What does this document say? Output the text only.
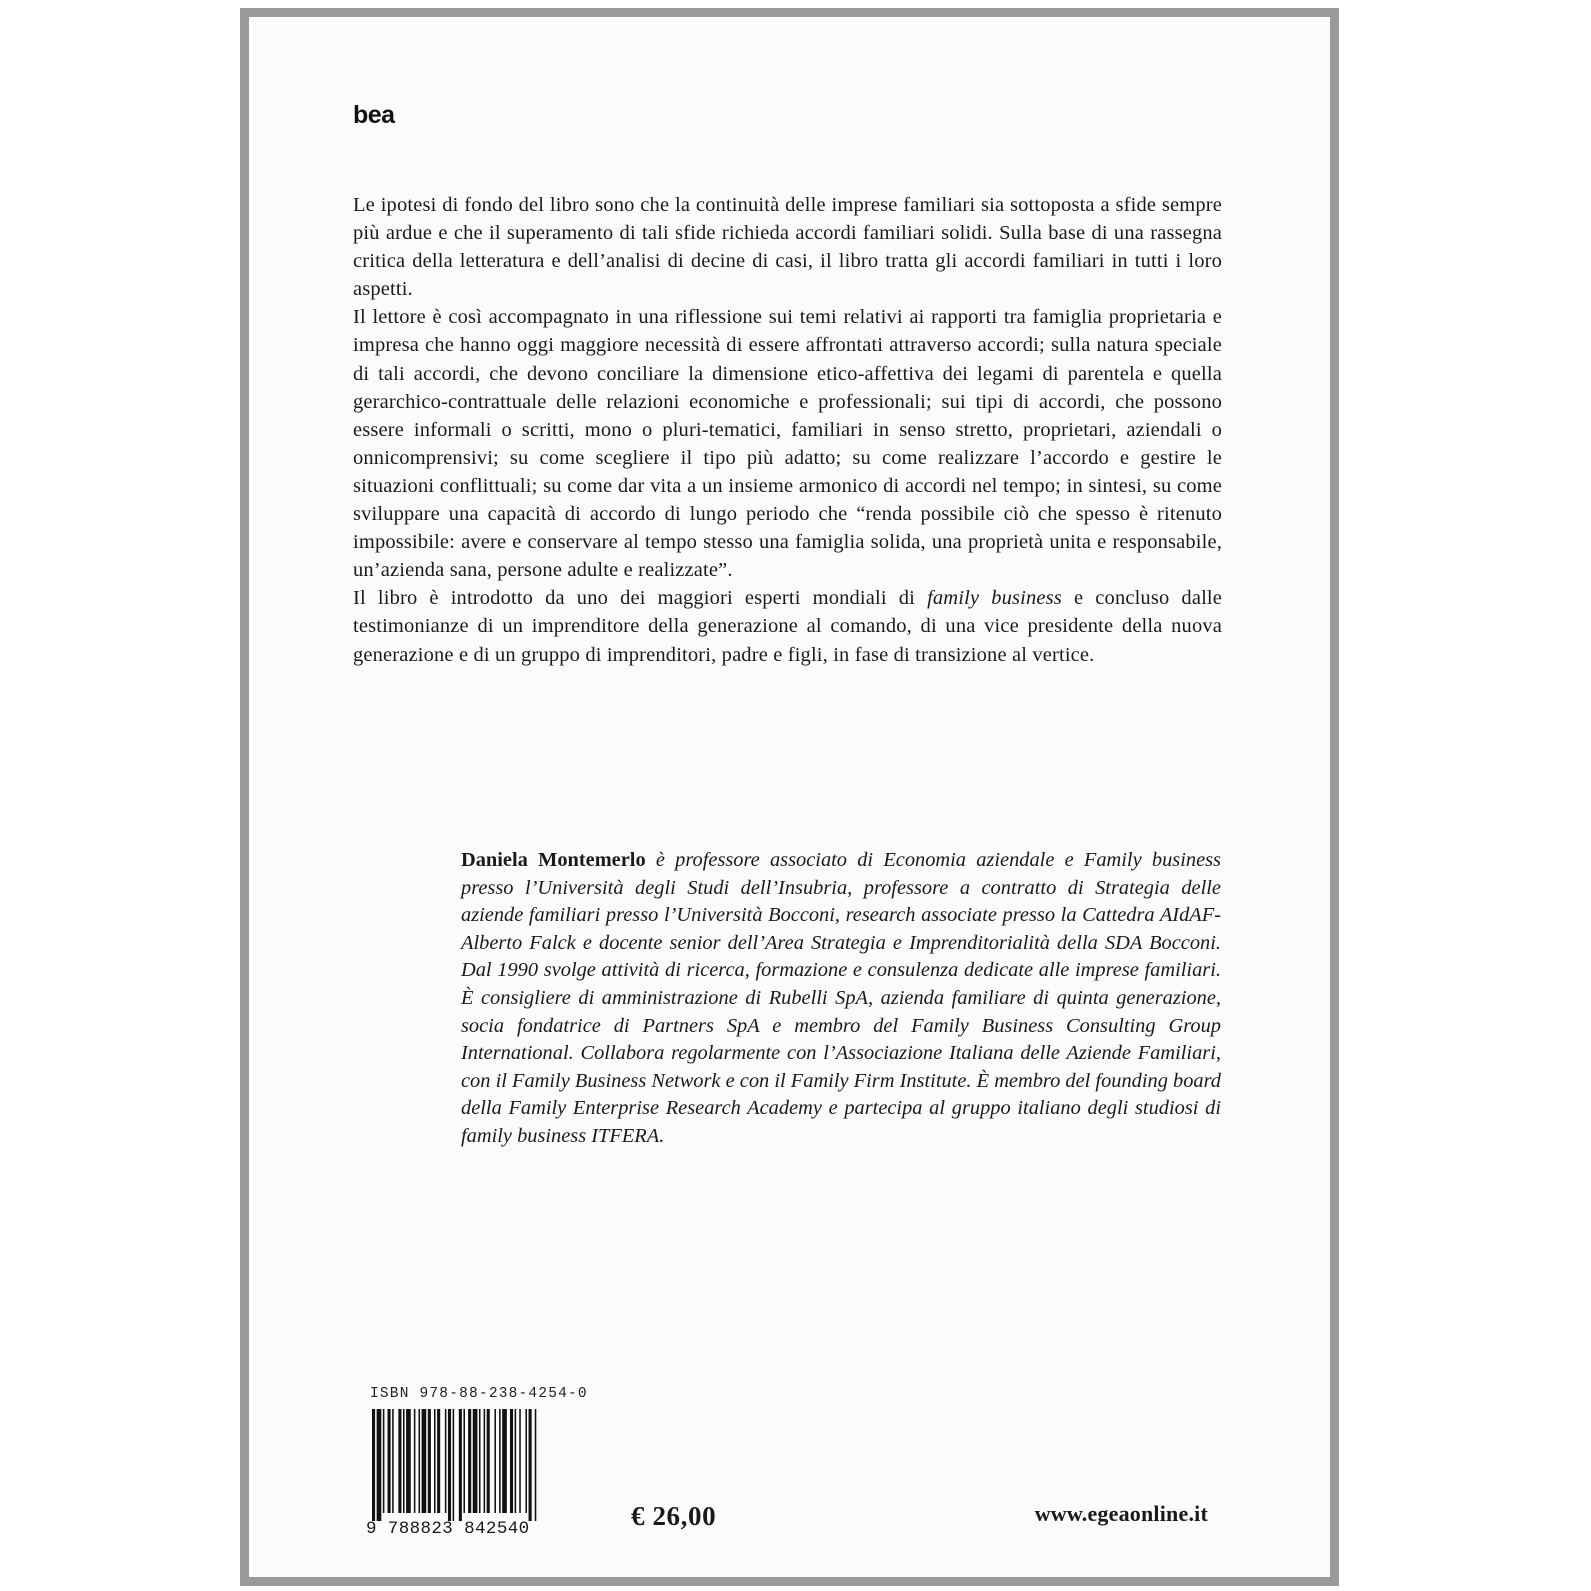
bea

Le ipotesi di fondo del libro sono che la continuità delle imprese familiari sia sottoposta a sfide sempre più ardue e che il superamento di tali sfide richieda accordi familiari solidi. Sulla base di una rassegna critica della letteratura e dell’analisi di decine di casi, il libro tratta gli accordi familiari in tutti i loro aspetti.

Il lettore è così accompagnato in una riflessione sui temi relativi ai rapporti tra famiglia proprietaria e impresa che hanno oggi maggiore necessità di essere affrontati attraverso accordi; sulla natura speciale di tali accordi, che devono conciliare la dimensione etico-affettiva dei legami di parentela e quella gerarchico-contrattuale delle relazioni economiche e professionali; sui tipi di accordi, che possono essere informali o scritti, mono o pluri-tematici, familiari in senso stretto, proprietari, aziendali o onnicomprensivi; su come scegliere il tipo più adatto; su come realizzare l’accordo e gestire le situazioni conflittuali; su come dar vita a un insieme armonico di accordi nel tempo; in sintesi, su come sviluppare una capacità di accordo di lungo periodo che “renda possibile ciò che spesso è ritenuto impossibile: avere e conservare al tempo stesso una famiglia solida, una proprietà unita e responsabile, un’azienda sana, persone adulte e realizzate”.

Il libro è introdotto da uno dei maggiori esperti mondiali di family business e concluso dalle testimonianze di un imprenditore della generazione al comando, di una vice presidente della nuova generazione e di un gruppo di imprenditori, padre e figli, in fase di transizione al vertice.

Daniela Montemerlo è professore associato di Economia aziendale e Family business presso l’Università degli Studi dell’Insubria, professore a contratto di Strategia delle aziende familiari presso l’Università Bocconi, research associate presso la Cattedra AIdAF-Alberto Falck e docente senior dell’Area Strategia e Imprenditorialità della SDA Bocconi. Dal 1990 svolge attività di ricerca, formazione e consulenza dedicate alle imprese familiari. È consigliere di amministrazione di Rubelli SpA, azienda familiare di quinta generazione, socia fondatrice di Partners SpA e membro del Family Business Consulting Group International. Collabora regolarmente con l’Associazione Italiana delle Aziende Familiari, con il Family Business Network e con il Family Firm Institute. È membro del founding board della Family Enterprise Research Academy e partecipa al gruppo italiano degli studiosi di family business ITFERA.

ISBN 978-88-238-4254-0
9 788823 842540	€ 26,00	www.egeaonline.it
